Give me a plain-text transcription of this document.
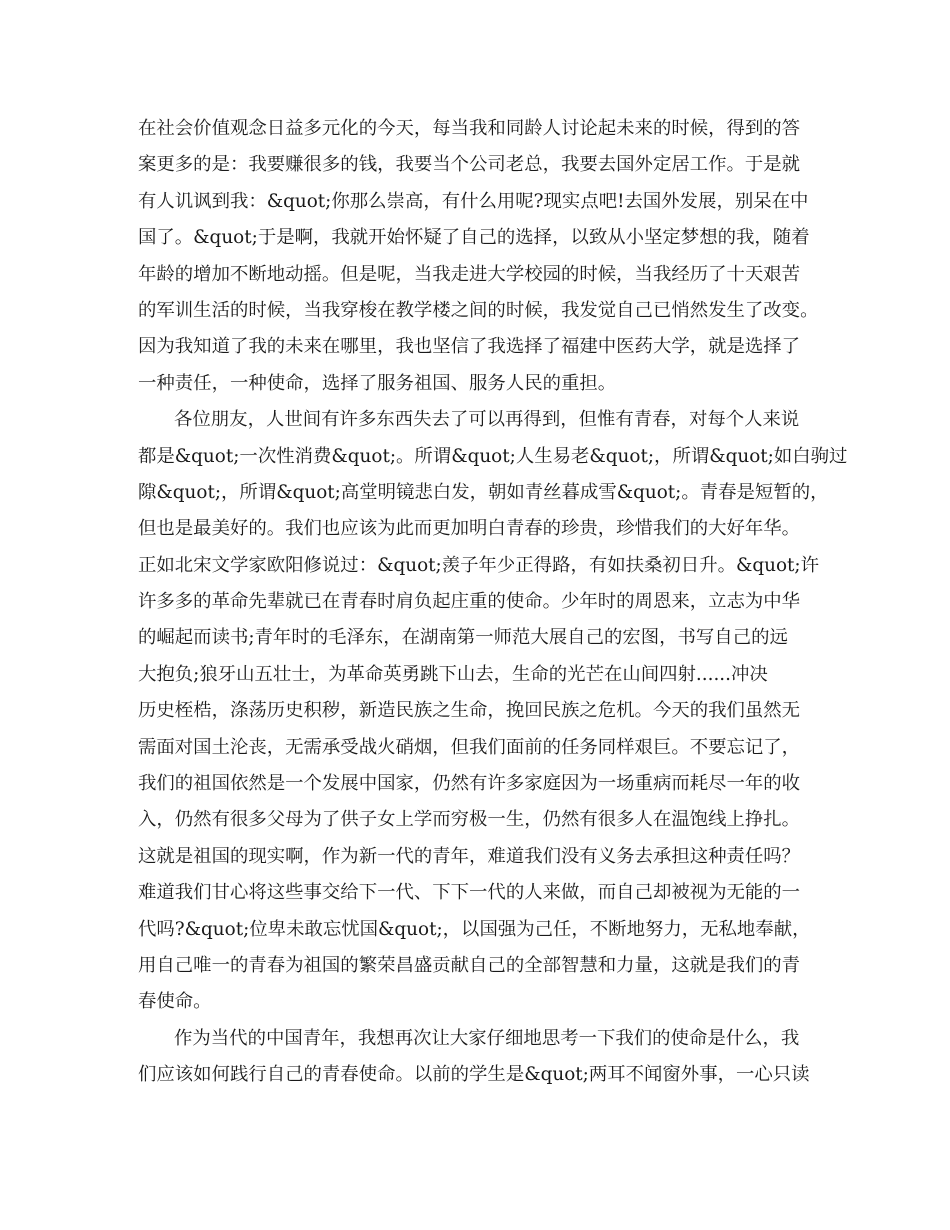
在社会价值观念日益多元化的今天，每当我和同龄人讨论起未来的时候，得到的答
案更多的是：我要赚很多的钱，我要当个公司老总，我要去国外定居工作。于是就
有人讥讽到我：&quot;你那么崇高，有什么用呢?现实点吧!去国外发展，别呆在中
国了。&quot;于是啊，我就开始怀疑了自己的选择，以致从小坚定梦想的我，随着
年龄的增加不断地动摇。但是呢，当我走进大学校园的时候，当我经历了十天艰苦
的军训生活的时候，当我穿梭在教学楼之间的时候，我发觉自己已悄然发生了改变。
因为我知道了我的未来在哪里，我也坚信了我选择了福建中医药大学，就是选择了
一种责任，一种使命，选择了服务祖国、服务人民的重担。
各位朋友，人世间有许多东西失去了可以再得到，但惟有青春，对每个人来说
都是&quot;一次性消费&quot;。所谓&quot;人生易老&quot;，所谓&quot;如白驹过
隙&quot;，所谓&quot;高堂明镜悲白发，朝如青丝暮成雪&quot;。青春是短暂的，
但也是最美好的。我们也应该为此而更加明白青春的珍贵，珍惜我们的大好年华。
正如北宋文学家欧阳修说过：&quot;羡子年少正得路，有如扶桑初日升。&quot;许
许多多的革命先辈就已在青春时肩负起庄重的使命。少年时的周恩来，立志为中华
的崛起而读书;青年时的毛泽东，在湖南第一师范大展自己的宏图，书写自己的远
大抱负;狼牙山五壮士，为革命英勇跳下山去，生命的光芒在山间四射......冲决
历史桎梏，涤荡历史积秽，新造民族之生命，挽回民族之危机。今天的我们虽然无
需面对国土沦丧，无需承受战火硝烟，但我们面前的任务同样艰巨。不要忘记了，
我们的祖国依然是一个发展中国家，仍然有许多家庭因为一场重病而耗尽一年的收
入，仍然有很多父母为了供子女上学而穷极一生，仍然有很多人在温饱线上挣扎。
这就是祖国的现实啊，作为新一代的青年，难道我们没有义务去承担这种责任吗？
难道我们甘心将这些事交给下一代、下下一代的人来做，而自己却被视为无能的一
代吗?&quot;位卑未敢忘忧国&quot;，以国强为己任，不断地努力，无私地奉献，
用自己唯一的青春为祖国的繁荣昌盛贡献自己的全部智慧和力量，这就是我们的青
春使命。
作为当代的中国青年，我想再次让大家仔细地思考一下我们的使命是什么，我
们应该如何践行自己的青春使命。以前的学生是&quot;两耳不闻窗外事，一心只读
